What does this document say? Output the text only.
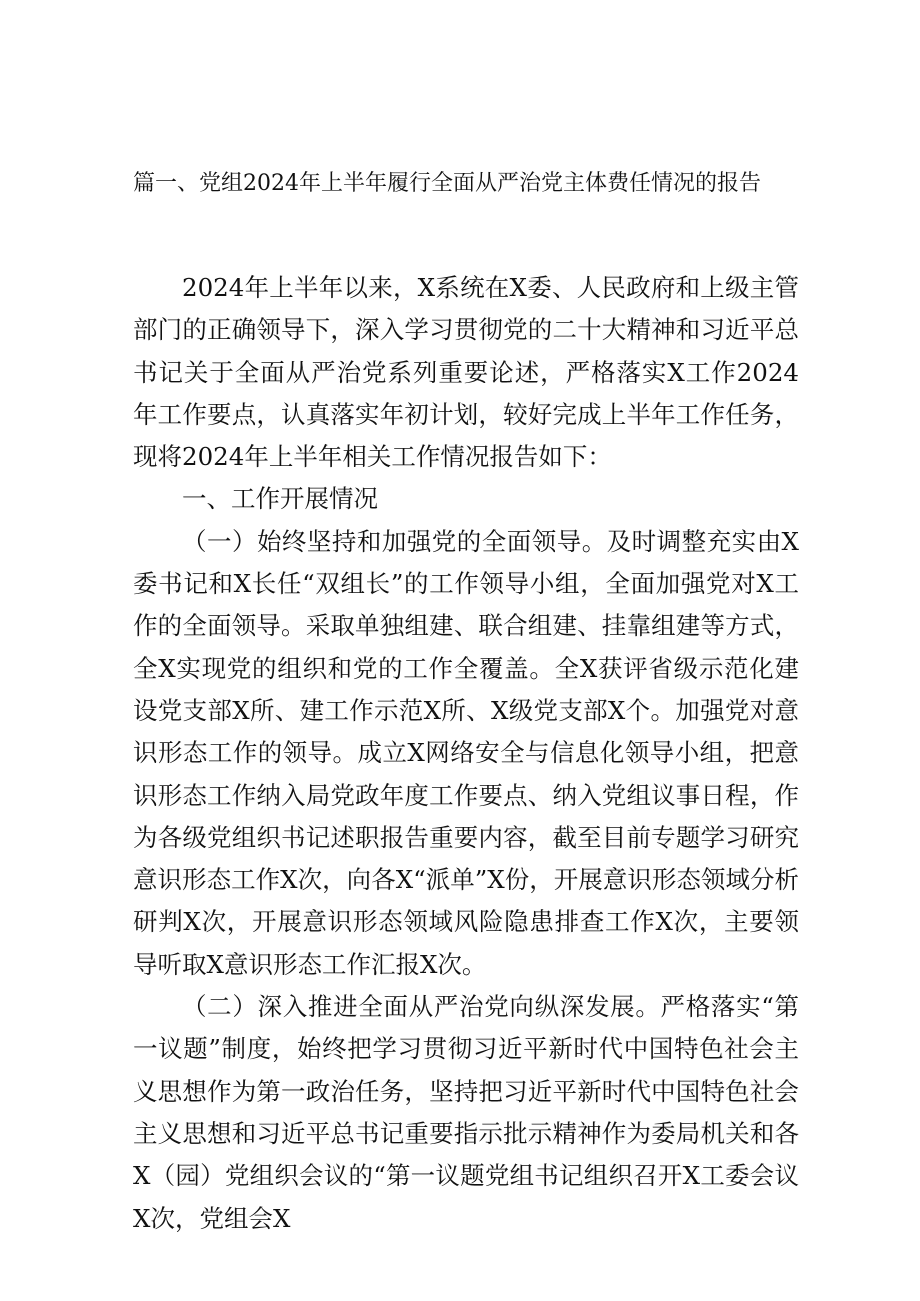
篇一、党组2024年上半年履行全面从严治党主体费任情况的报告

2024年上半年以来，X系统在X委、人民政府和上级主管部门的正确领导下，深入学习贯彻党的二十大精神和习近平总书记关于全面从严治党系列重要论述，严格落实X工作2024年工作要点，认真落实年初计划，较好完成上半年工作任务，现将2024年上半年相关工作情况报告如下：

一、工作开展情况

（一）始终坚持和加强党的全面领导。及时调整充实由X委书记和X长任“双组长”的工作领导小组，全面加强党对X工作的全面领导。采取单独组建、联合组建、挂靠组建等方式，全X实现党的组织和党的工作全覆盖。全X获评省级示范化建设党支部X所、建工作示范X所、X级党支部X个。加强党对意识形态工作的领导。成立X网络安全与信息化领导小组，把意识形态工作纳入局党政年度工作要点、纳入党组议事日程，作为各级党组织书记述职报告重要内容，截至目前专题学习研究意识形态工作X次，向各X“派单”X份，开展意识形态领域分析研判X次，开展意识形态领域风险隐患排查工作X次，主要领导听取X意识形态工作汇报X次。

（二）深入推进全面从严治党向纵深发展。严格落实“第一议题”制度，始终把学习贯彻习近平新时代中国特色社会主义思想作为第一政治任务，坚持把习近平新时代中国特色社会主义思想和习近平总书记重要指示批示精神作为委局机关和各X（园）党组织会议的“第一议题党组书记组织召开X工委会议X次，党组会X
